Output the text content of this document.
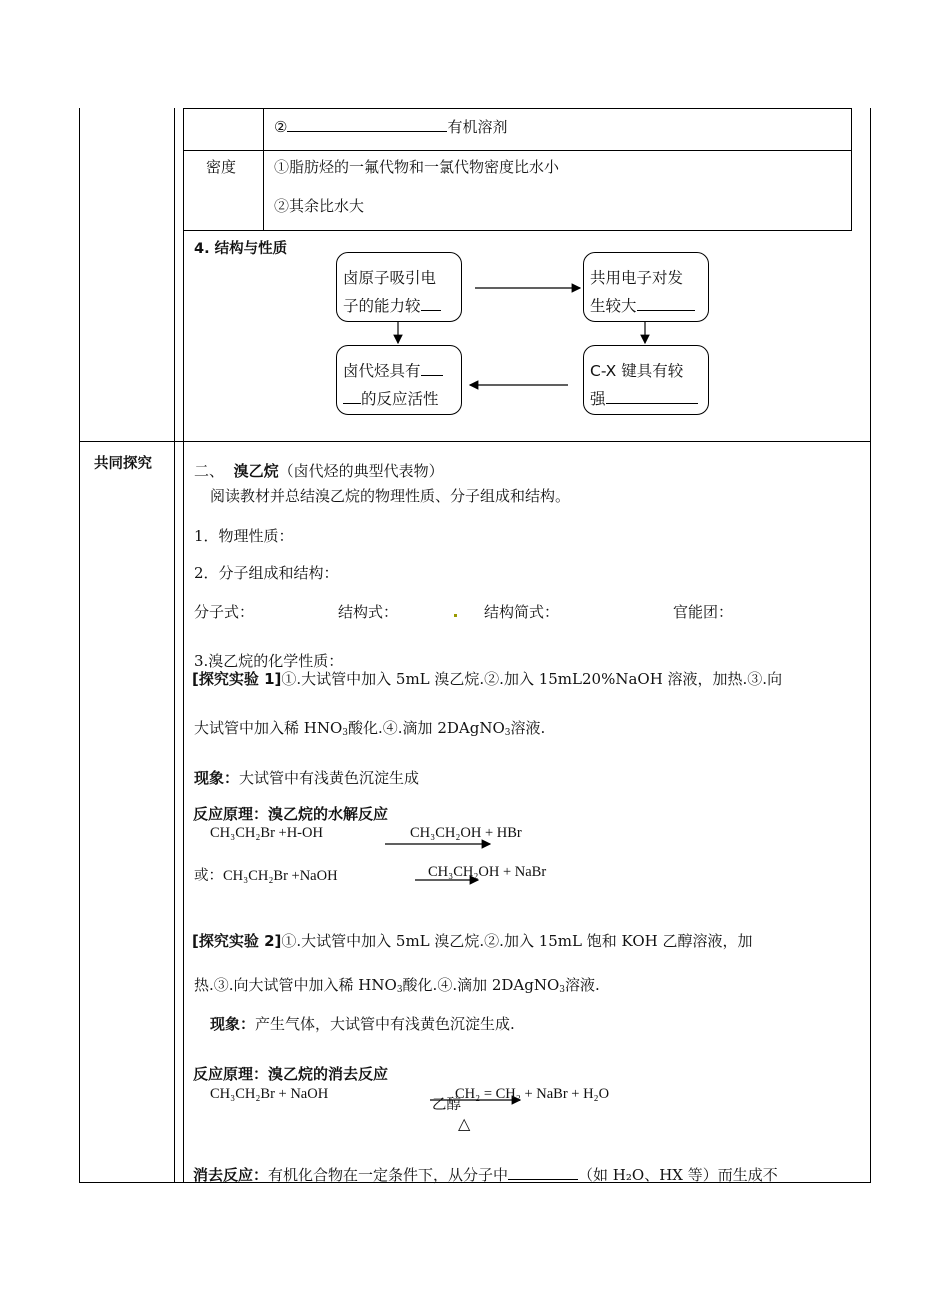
②	有机溶剂
密度	①脂肪烃的一氟代物和一氯代物密度比水小
②其余比水大
4. 结构与性质
卤原子吸引电
子的能力较
共用电子对发
生较大
卤代烃具有
的反应活性
C-X 键具有较
强
共同探究	二、 溴乙烷（卤代烃的典型代表物）
阅读教材并总结溴乙烷的物理性质、分子组成和结构。
1．物理性质：
2．分子组成和结构：
分子式：	结构式：	结构简式：	官能团：
3.溴乙烷的化学性质：
[探究实验 1]①.大试管中加入 5mL 溴乙烷.②.加入 15mL20%NaOH 溶液，加热.③.向
大试管中加入稀 $HNO_3$酸化.④.滴加 2DAgNO$_3$溶液.
现象：大试管中有浅黄色沉淀生成
反应原理：溴乙烷的水解反应
CH₃CH₂Br +H-OH	CH₃CH₂OH + HBr
或：CH₃CH₂Br +NaOH	CH₃CH₂OH + NaBr
[探究实验 2]①.大试管中加入 5mL 溴乙烷.②.加入 15mL 饱和 KOH 乙醇溶液，加
热.③.向大试管中加入稀 $HNO_3$酸化.④.滴加 2DAgNO$_3$溶液.
现象：产生气体，大试管中有浅黄色沉淀生成.
反应原理：溴乙烷的消去反应
CH₃CH₂Br + NaOH
乙醇
CH₂ = CH₂ + NaBr + H₂O
△
消去反应：有机化合物在一定条件下，从分子中	（如 H₂O、HX 等）而生成不
